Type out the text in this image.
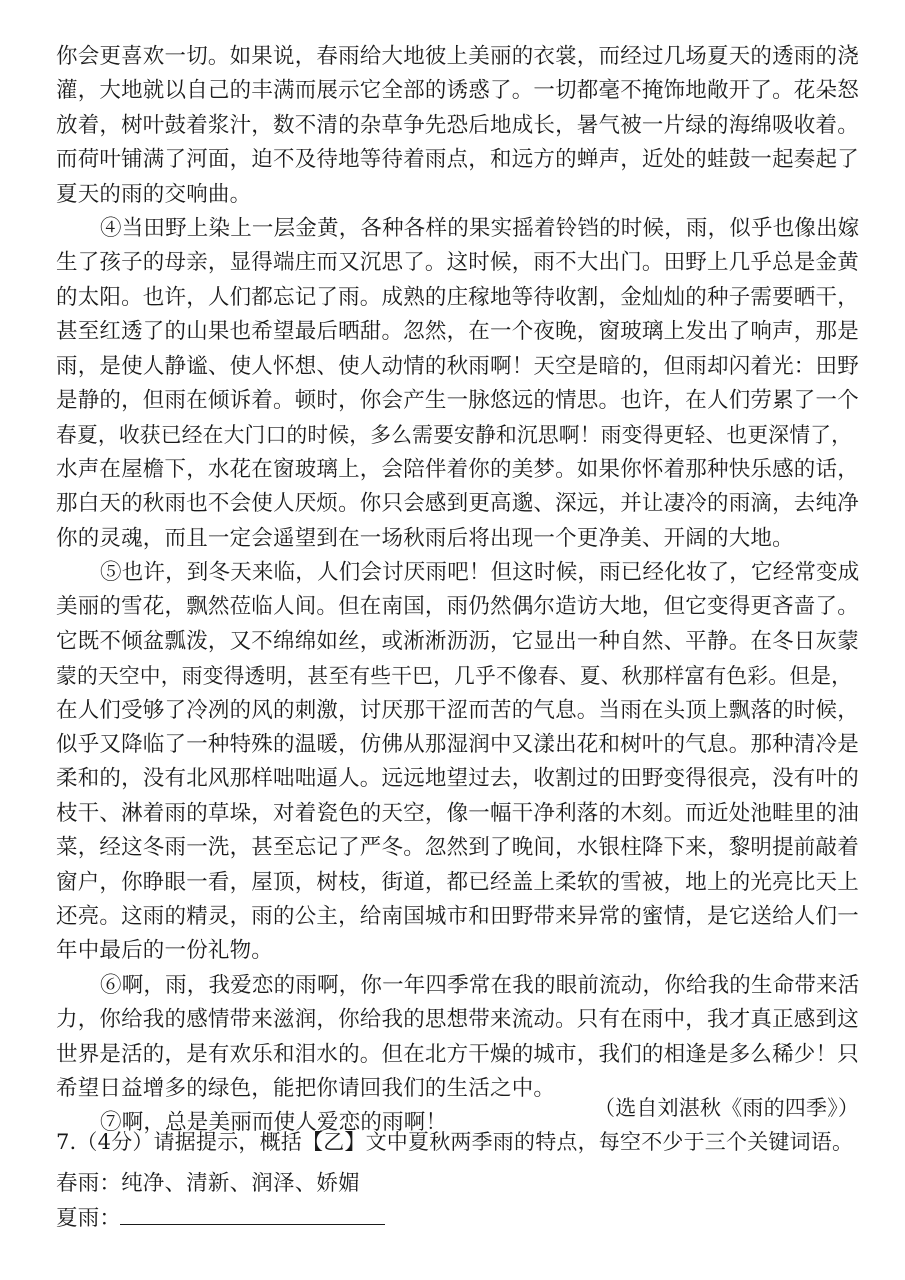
你会更喜欢一切。如果说，春雨给大地彼上美丽的衣裳，而经过几场夏天的透雨的浇
灌，大地就以自己的丰满而展示它全部的诱惑了。一切都毫不掩饰地敞开了。花朵怒
放着，树叶鼓着浆汁，数不清的杂草争先恐后地成长，暑气被一片绿的海绵吸收着。
而荷叶铺满了河面，迫不及待地等待着雨点，和远方的蝉声，近处的蛙鼓一起奏起了
夏天的雨的交响曲。
④当田野上染上一层金黄，各种各样的果实摇着铃铛的时候，雨，似乎也像出嫁
生了孩子的母亲，显得端庄而又沉思了。这时候，雨不大出门。田野上几乎总是金黄
的太阳。也许，人们都忘记了雨。成熟的庄稼地等待收割，金灿灿的种子需要晒干，
甚至红透了的山果也希望最后晒甜。忽然，在一个夜晚，窗玻璃上发出了响声，那是
雨，是使人静谧、使人怀想、使人动情的秋雨啊！天空是暗的，但雨却闪着光：田野
是静的，但雨在倾诉着。顿时，你会产生一脉悠远的情思。也许，在人们劳累了一个
春夏，收获已经在大门口的时候，多么需要安静和沉思啊！雨变得更轻、也更深情了，
水声在屋檐下，水花在窗玻璃上，会陪伴着你的美梦。如果你怀着那种快乐感的话，
那白天的秋雨也不会使人厌烦。你只会感到更高邈、深远，并让凄冷的雨滴，去纯净
你的灵魂，而且一定会遥望到在一场秋雨后将出现一个更净美、开阔的大地。
⑤也许，到冬天来临，人们会讨厌雨吧！但这时候，雨已经化妆了，它经常变成
美丽的雪花，飘然莅临人间。但在南国，雨仍然偶尔造访大地，但它变得更吝啬了。
它既不倾盆瓢泼，又不绵绵如丝，或淅淅沥沥，它显出一种自然、平静。在冬日灰蒙
蒙的天空中，雨变得透明，甚至有些干巴，几乎不像春、夏、秋那样富有色彩。但是，
在人们受够了冷冽的风的刺激，讨厌那干涩而苦的气息。当雨在头顶上飘落的时候，
似乎又降临了一种特殊的温暖，仿佛从那湿润中又漾出花和树叶的气息。那种清冷是
柔和的，没有北风那样咄咄逼人。远远地望过去，收割过的田野变得很亮，没有叶的
枝干、淋着雨的草垛，对着瓷色的天空，像一幅干净利落的木刻。而近处池畦里的油
菜，经这冬雨一洗，甚至忘记了严冬。忽然到了晚间，水银柱降下来，黎明提前敲着
窗户，你睁眼一看，屋顶，树枝，街道，都已经盖上柔软的雪被，地上的光亮比天上
还亮。这雨的精灵，雨的公主，给南国城市和田野带来异常的蜜情，是它送给人们一
年中最后的一份礼物。
⑥啊，雨，我爱恋的雨啊，你一年四季常在我的眼前流动，你给我的生命带来活
力，你给我的感情带来滋润，你给我的思想带来流动。只有在雨中，我才真正感到这
世界是活的，是有欢乐和泪水的。但在北方干燥的城市，我们的相逢是多么稀少！只
希望日益增多的绿色，能把你请回我们的生活之中。
⑦啊，总是美丽而使人爱恋的雨啊！
（选自刘湛秋《雨的四季》）
7.（4分）请据提示，概括【乙】文中夏秋两季雨的特点，每空不少于三个关键词语。
春雨：纯净、清新、润泽、娇媚
夏雨：
